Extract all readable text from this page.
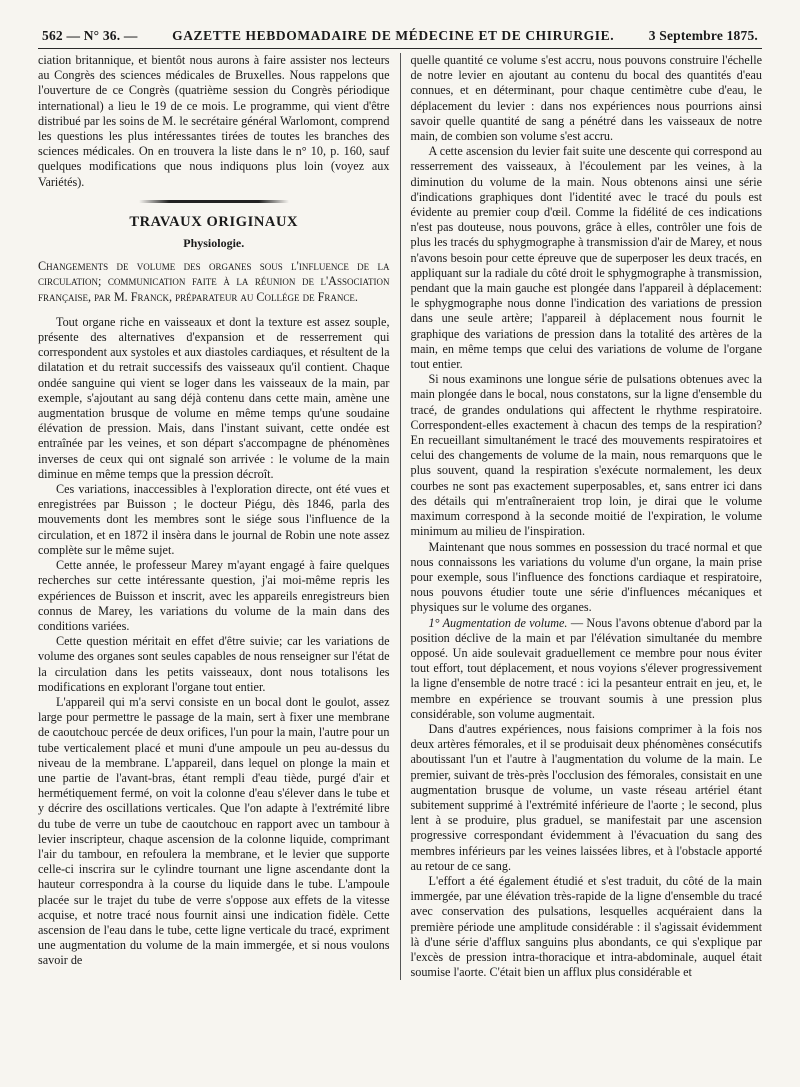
562 — N° 36. —	GAZETTE HEBDOMADAIRE DE MÉDECINE ET DE CHIRURGIE.	3 Septembre 1875.

ciation britannique, et bientôt nous aurons à faire assister nos lecteurs au Congrès des sciences médicales de Bruxelles. Nous rappelons que l'ouverture de ce Congrès (quatrième session du Congrès périodique international) a lieu le 19 de ce mois. Le programme, qui vient d'être distribué par les soins de M. le secrétaire général Warlomont, comprend les questions les plus intéressantes tirées de toutes les branches des sciences médicales. On en trouvera la liste dans le n° 10, p. 160, sauf quelques modifications que nous indiquons plus loin (voyez aux Variétés).

TRAVAUX ORIGINAUX
Physiologie.

Changements de volume des organes sous l'influence de la circulation; communication faite à la réunion de l'Association française, par M. Franck, préparateur au Collége de France.

Tout organe riche en vaisseaux et dont la texture est assez souple, présente des alternatives d'expansion et de resserrement qui correspondent aux systoles et aux diastoles cardiaques, et résultent de la dilatation et du retrait successifs des vaisseaux qu'il contient. Chaque ondée sanguine qui vient se loger dans les vaisseaux de la main, par exemple, s'ajoutant au sang déjà contenu dans cette main, amène une augmentation brusque de volume en même temps qu'une soudaine élévation de pression. Mais, dans l'instant suivant, cette ondée est entraînée par les veines, et son départ s'accompagne de phénomènes inverses de ceux qui ont signalé son arrivée : le volume de la main diminue en même temps que la pression décroît.

Ces variations, inaccessibles à l'exploration directe, ont été vues et enregistrées par Buisson ; le docteur Piégu, dès 1846, parla des mouvements dont les membres sont le siége sous l'influence de la circulation, et en 1872 il insèra dans le journal de Robin une note assez complète sur le même sujet.

Cette année, le professeur Marey m'ayant engagé à faire quelques recherches sur cette intéressante question, j'ai moi-même repris les expériences de Buisson et inscrit, avec les appareils enregistreurs bien connus de Marey, les variations du volume de la main dans des conditions variées.

Cette question méritait en effet d'être suivie; car les variations de volume des organes sont seules capables de nous renseigner sur l'état de la circulation dans les petits vaisseaux, dont nous totalisons les modifications en explorant l'organe tout entier.

L'appareil qui m'a servi consiste en un bocal dont le goulot, assez large pour permettre le passage de la main, sert à fixer une membrane de caoutchouc percée de deux orifices, l'un pour la main, l'autre pour un tube verticalement placé et muni d'une ampoule un peu au-dessus du niveau de la membrane. L'appareil, dans lequel on plonge la main et une partie de l'avant-bras, étant rempli d'eau tiède, purgé d'air et hermétiquement fermé, on voit la colonne d'eau s'élever dans le tube et y décrire des oscillations verticales. Que l'on adapte à l'extrémité libre du tube de verre un tube de caoutchouc en rapport avec un tambour à levier inscripteur, chaque ascension de la colonne liquide, comprimant l'air du tambour, en refoulera la membrane, et le levier que supporte celle-ci inscrira sur le cylindre tournant une ligne ascendante dont la hauteur correspondra à la course du liquide dans le tube. L'ampoule placée sur le trajet du tube de verre s'oppose aux effets de la vitesse acquise, et notre tracé nous fournit ainsi une indication fidèle. Cette ascension de l'eau dans le tube, cette ligne verticale du tracé, expriment une augmentation du volume de la main immergée, et si nous voulons savoir de

quelle quantité ce volume s'est accru, nous pouvons construire l'échelle de notre levier en ajoutant au contenu du bocal des quantités d'eau connues, et en déterminant, pour chaque centimètre cube d'eau, le déplacement du levier : dans nos expériences nous pourrions ainsi savoir quelle quantité de sang a pénétré dans les vaisseaux de notre main, de combien son volume s'est accru.

A cette ascension du levier fait suite une descente qui correspond au resserrement des vaisseaux, à l'écoulement par les veines, à la diminution du volume de la main. Nous obtenons ainsi une série d'indications graphiques dont l'identité avec le tracé du pouls est évidente au premier coup d'œil. Comme la fidélité de ces indications n'est pas douteuse, nous pouvons, grâce à elles, contrôler une fois de plus les tracés du sphygmographe à transmission d'air de Marey, et nous n'avons besoin pour cette épreuve que de superposer les deux tracés, en appliquant sur la radiale du côté droit le sphygmographe à transmission, pendant que la main gauche est plongée dans l'appareil à déplacement: le sphygmographe nous donne l'indication des variations de pression dans une seule artère; l'appareil à déplacement nous fournit le graphique des variations de pression dans la totalité des artères de la main, en même temps que celui des variations de volume de l'organe tout entier.

Si nous examinons une longue série de pulsations obtenues avec la main plongée dans le bocal, nous constatons, sur la ligne d'ensemble du tracé, de grandes ondulations qui affectent le rhythme respiratoire. Correspondent-elles exactement à chacun des temps de la respiration? En recueillant simultanément le tracé des mouvements respiratoires et celui des changements de volume de la main, nous remarquons que le plus souvent, quand la respiration s'exécute normalement, les deux courbes ne sont pas exactement superposables, et, sans entrer ici dans des détails qui m'entraîneraient trop loin, je dirai que le volume maximum correspond à la seconde moitié de l'expiration, le volume minimum au milieu de l'inspiration.

Maintenant que nous sommes en possession du tracé normal et que nous connaissons les variations du volume d'un organe, la main prise pour exemple, sous l'influence des fonctions cardiaque et respiratoire, nous pouvons étudier toute une série d'influences mécaniques et physiques sur le volume des organes.

1° Augmentation de volume. — Nous l'avons obtenue d'abord par la position déclive de la main et par l'élévation simultanée du membre opposé. Un aide soulevait graduellement ce membre pour nous éviter tout effort, tout déplacement, et nous voyions s'élever progressivement la ligne d'ensemble de notre tracé : ici la pesanteur entrait en jeu, et, le membre en expérience se trouvant soumis à une pression plus considérable, son volume augmentait.

Dans d'autres expériences, nous faisions comprimer à la fois nos deux artères fémorales, et il se produisait deux phénomènes consécutifs aboutissant l'un et l'autre à l'augmentation du volume de la main. Le premier, suivant de très-près l'occlusion des fémorales, consistait en une augmentation brusque de volume, un vaste réseau artériel étant subitement supprimé à l'extrémité inférieure de l'aorte ; le second, plus lent à se produire, plus graduel, se manifestait par une ascension progressive correspondant évidemment à l'évacuation du sang des membres inférieurs par les veines laissées libres, et à l'obstacle apporté au retour de ce sang.

L'effort a été également étudié et s'est traduit, du côté de la main immergée, par une élévation très-rapide de la ligne d'ensemble du tracé avec conservation des pulsations, lesquelles acquéraient dans la première période une amplitude considérable : il s'agissait évidemment là d'une série d'afflux sanguins plus abondants, ce qui s'explique par l'excès de pression intra-thoracique et intra-abdominale, auquel était soumise l'aorte. C'était bien un afflux plus considérable et
